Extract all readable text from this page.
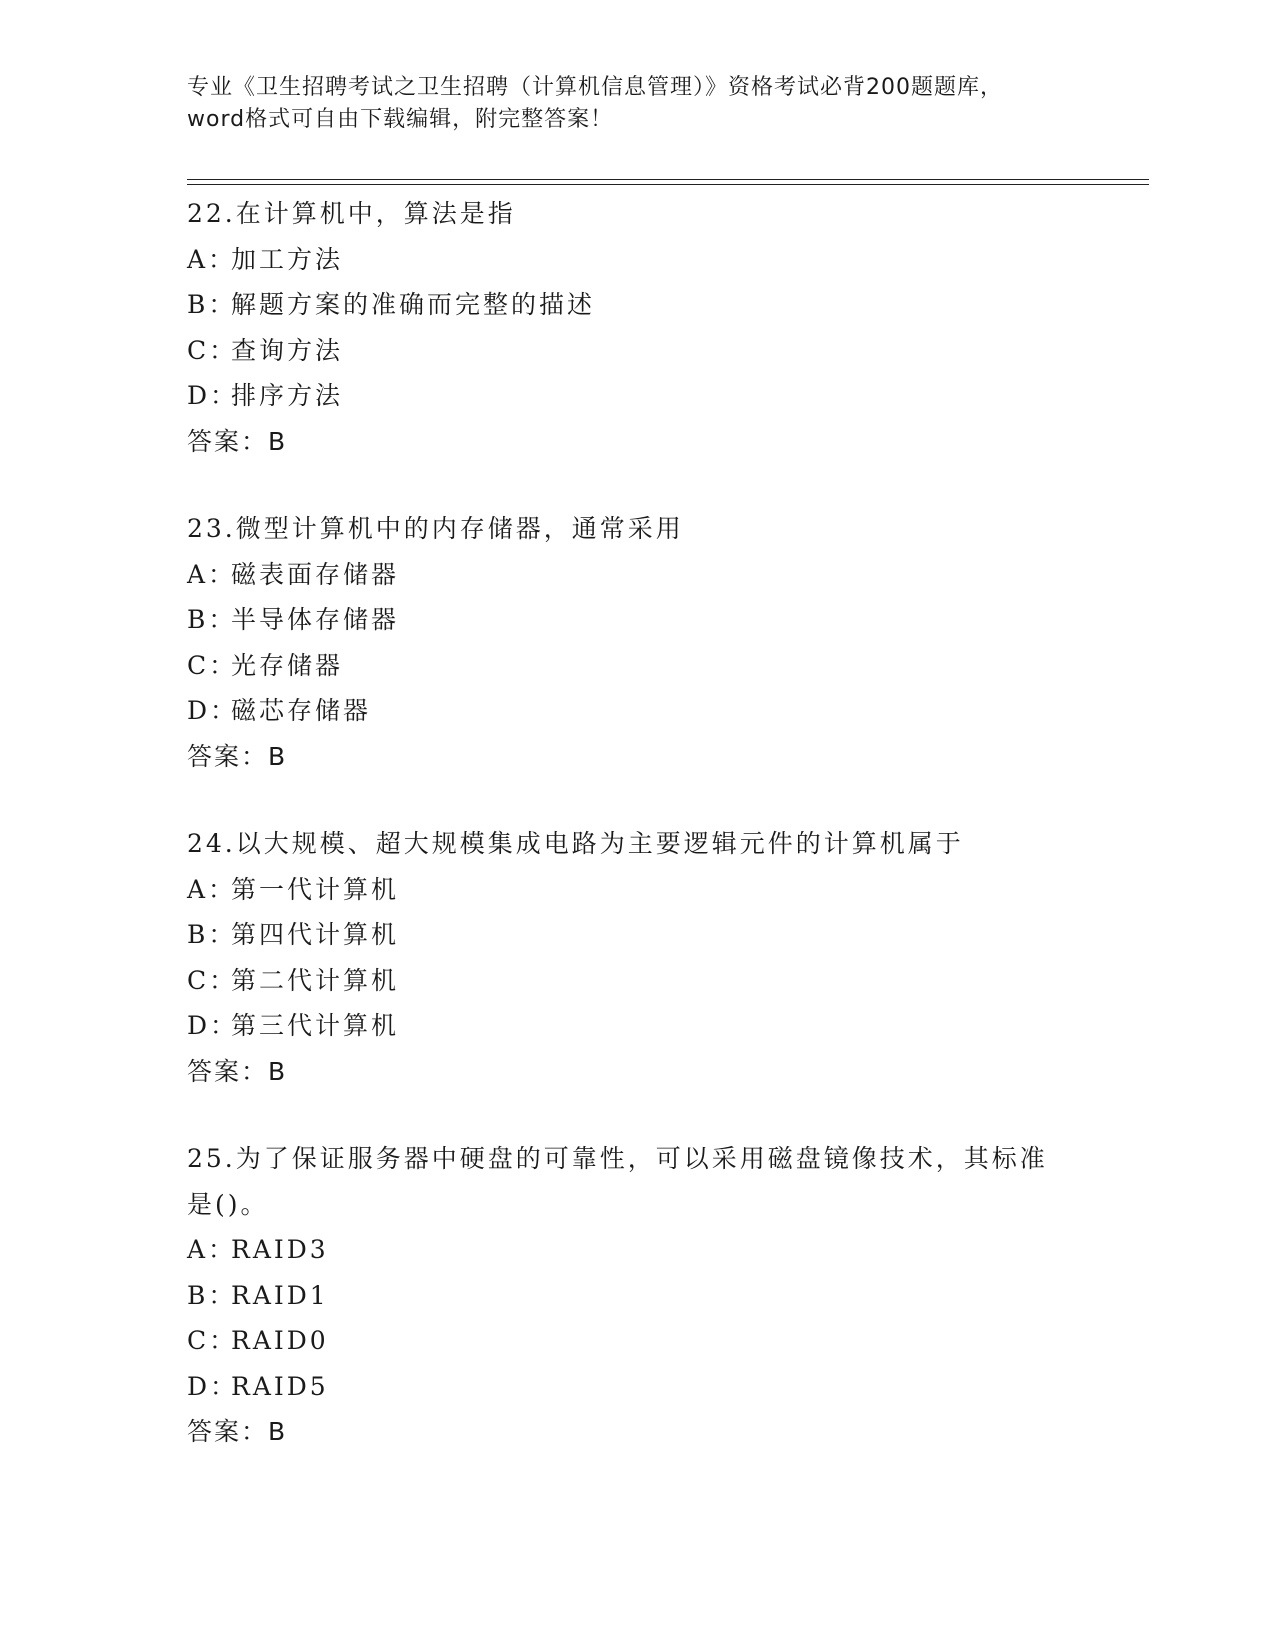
专业《卫生招聘考试之卫生招聘（计算机信息管理）》资格考试必背200题题库，
word格式可自由下载编辑，附完整答案！
22.在计算机中，算法是指
A：加工方法
B：解题方案的准确而完整的描述
C：查询方法
D：排序方法
答案：B
23.微型计算机中的内存储器，通常采用
A：磁表面存储器
B：半导体存储器
C：光存储器
D：磁芯存储器
答案：B
24.以大规模、超大规模集成电路为主要逻辑元件的计算机属于
A：第一代计算机
B：第四代计算机
C：第二代计算机
D：第三代计算机
答案：B
25.为了保证服务器中硬盘的可靠性，可以采用磁盘镜像技术，其标准
是()。
A：RAID3
B：RAID1
C：RAID0
D：RAID5
答案：B
